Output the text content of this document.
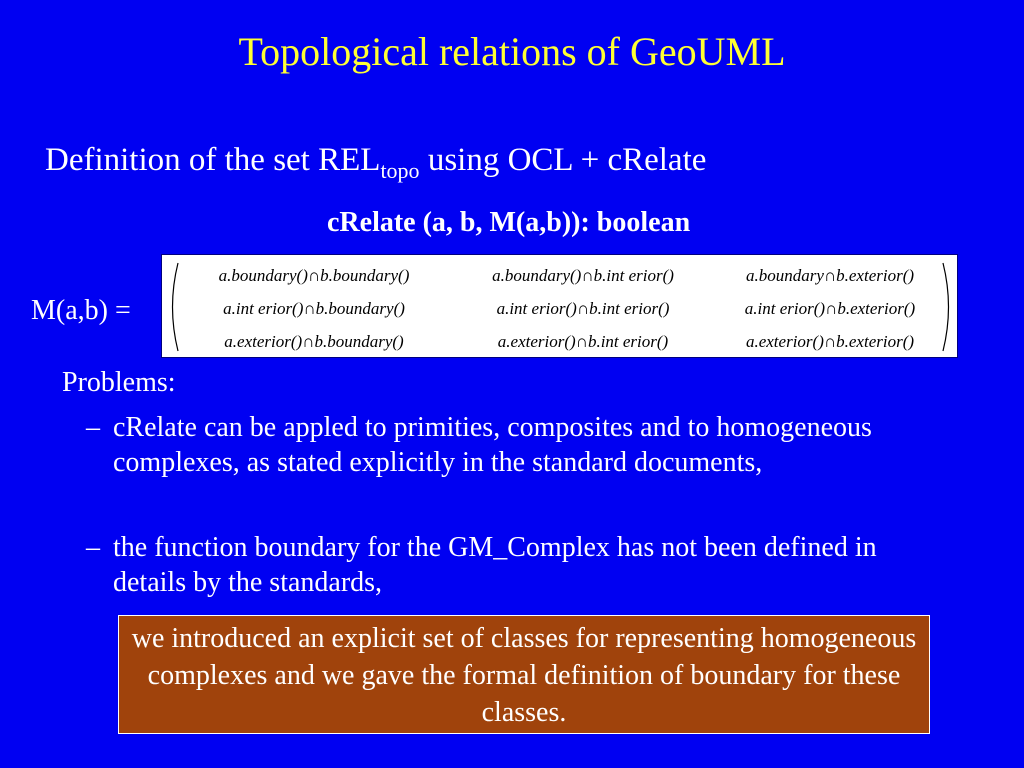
Topological relations of GeoUML
Definition of the set $REL_{topo}$ using OCL + cRelate
cRelate (a, b, M(a,b)): boolean
M(a,b) =
a.boundary()∩b.boundary()	a.boundary()∩b.int erior()	a.boundary∩b.exterior()
a.int erior()∩b.boundary()	a.int erior()∩b.int erior()	a.int erior()∩b.exterior()
a.exterior()∩b.boundary()	a.exterior()∩b.int erior()	a.exterior()∩b.exterior()
Problems:
– cRelate can be appled to primities, composites and to homogeneous complexes, as stated explicitly in the standard documents,
– the function boundary for the GM_Complex has not been defined in details by the standards,
we introduced an explicit set of classes for representing homogeneous complexes and we gave the formal definition of boundary for these classes.
